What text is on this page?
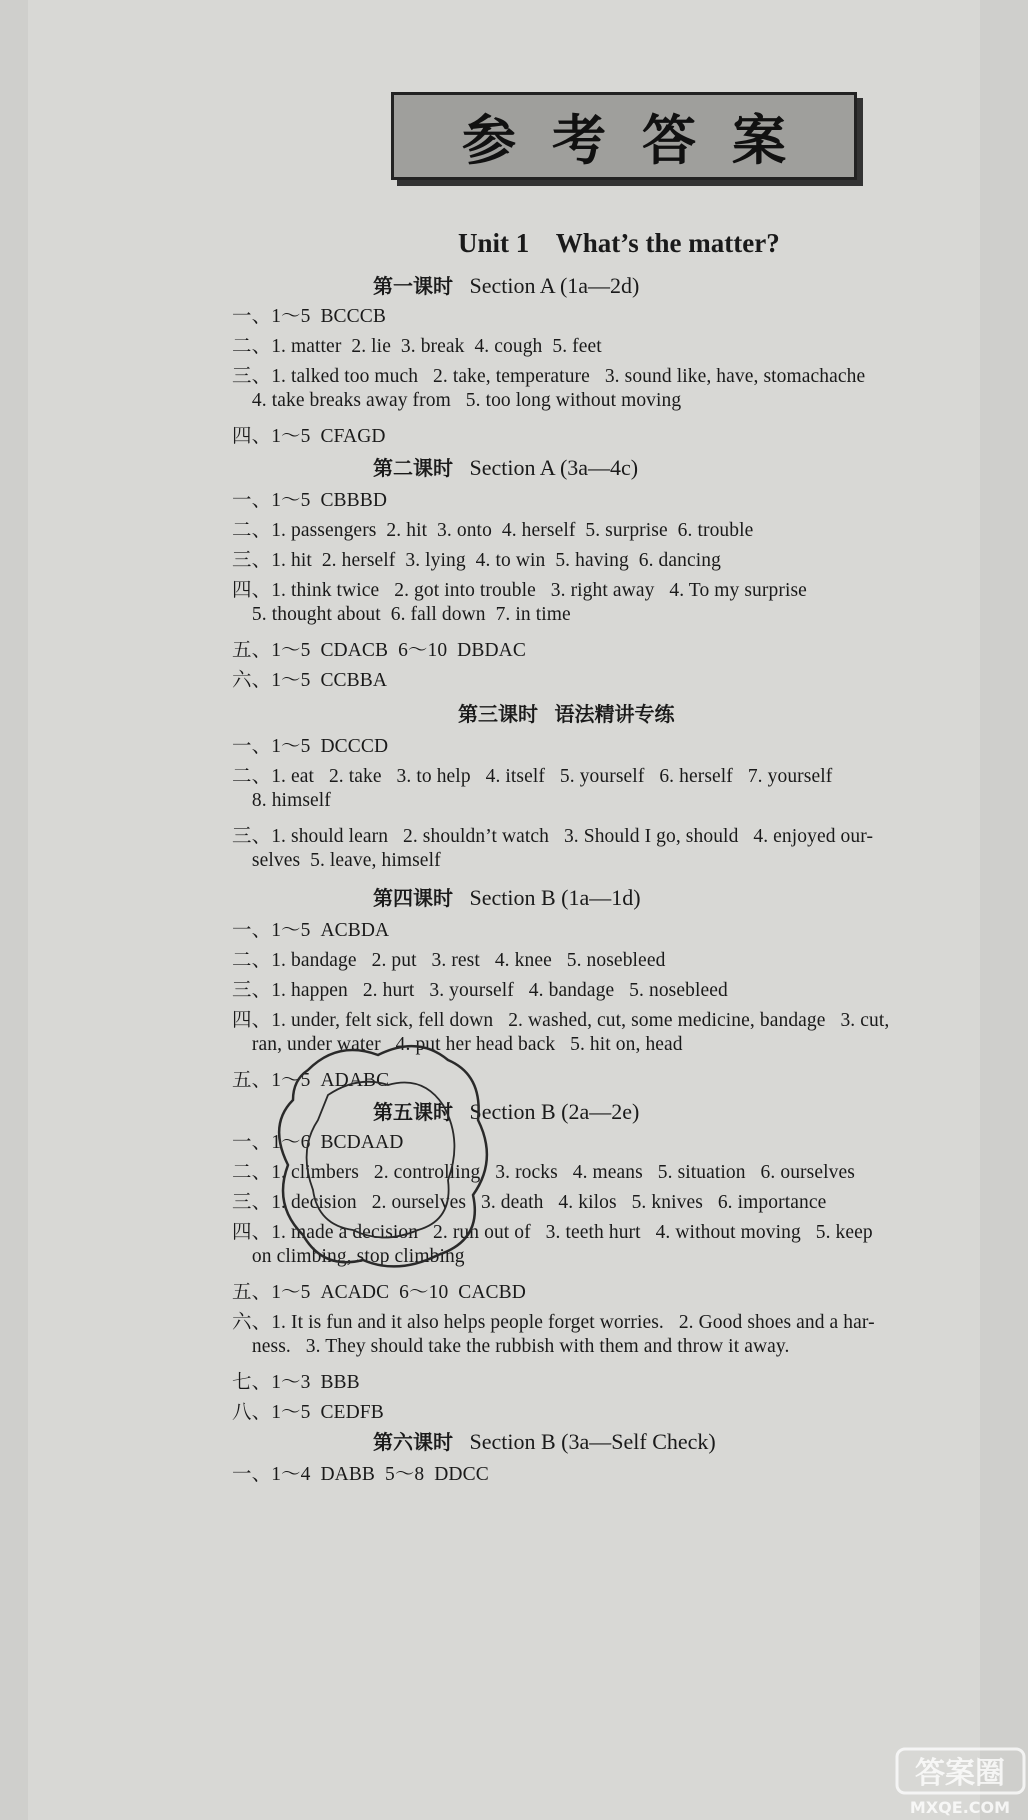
参考答案
Unit 1    What’s the matter?
第一课时 Section A (1a—2d)
一、1～5  BCCCB
二、1. matter  2. lie  3. break  4. cough  5. feet
三、1. talked too much   2. take, temperature   3. sound like, have, stomachache
4. take breaks away from   5. too long without moving
四、1～5  CFAGD
第二课时 Section A (3a—4c)
一、1～5  CBBBD
二、1. passengers  2. hit  3. onto  4. herself  5. surprise  6. trouble
三、1. hit  2. herself  3. lying  4. to win  5. having  6. dancing
四、1. think twice   2. got into trouble   3. right away   4. To my surprise
5. thought about  6. fall down  7. in time
五、1～5  CDACB  6～10  DBDAC
六、1～5  CCBBA
第三课时 语法精讲专练
一、1～5  DCCCD
二、1. eat   2. take   3. to help   4. itself   5. yourself   6. herself   7. yourself
8. himself
三、1. should learn   2. shouldn’t watch   3. Should I go, should   4. enjoyed our-
selves  5. leave, himself
第四课时 Section B (1a—1d)
一、1～5  ACBDA
二、1. bandage   2. put   3. rest   4. knee   5. nosebleed
三、1. happen   2. hurt   3. yourself   4. bandage   5. nosebleed
四、1. under, felt sick, fell down   2. washed, cut, some medicine, bandage   3. cut,
ran, under water   4. put her head back   5. hit on, head
五、1～5  ADABC
第五课时 Section B (2a—2e)
一、1～6  BCDAAD
二、1. climbers   2. controlling   3. rocks   4. means   5. situation   6. ourselves
三、1. decision   2. ourselves   3. death   4. kilos   5. knives   6. importance
四、1. made a decision   2. run out of   3. teeth hurt   4. without moving   5. keep
on climbing, stop climbing
五、1～5  ACADC  6～10  CACBD
六、1. It is fun and it also helps people forget worries.   2. Good shoes and a har-
ness.   3. They should take the rubbish with them and throw it away.
七、1～3  BBB
八、1～5  CEDFB
第六课时 Section B (3a—Self Check)
一、1～4  DABB  5～8  DDCC
答案圈
MXQE.COM
